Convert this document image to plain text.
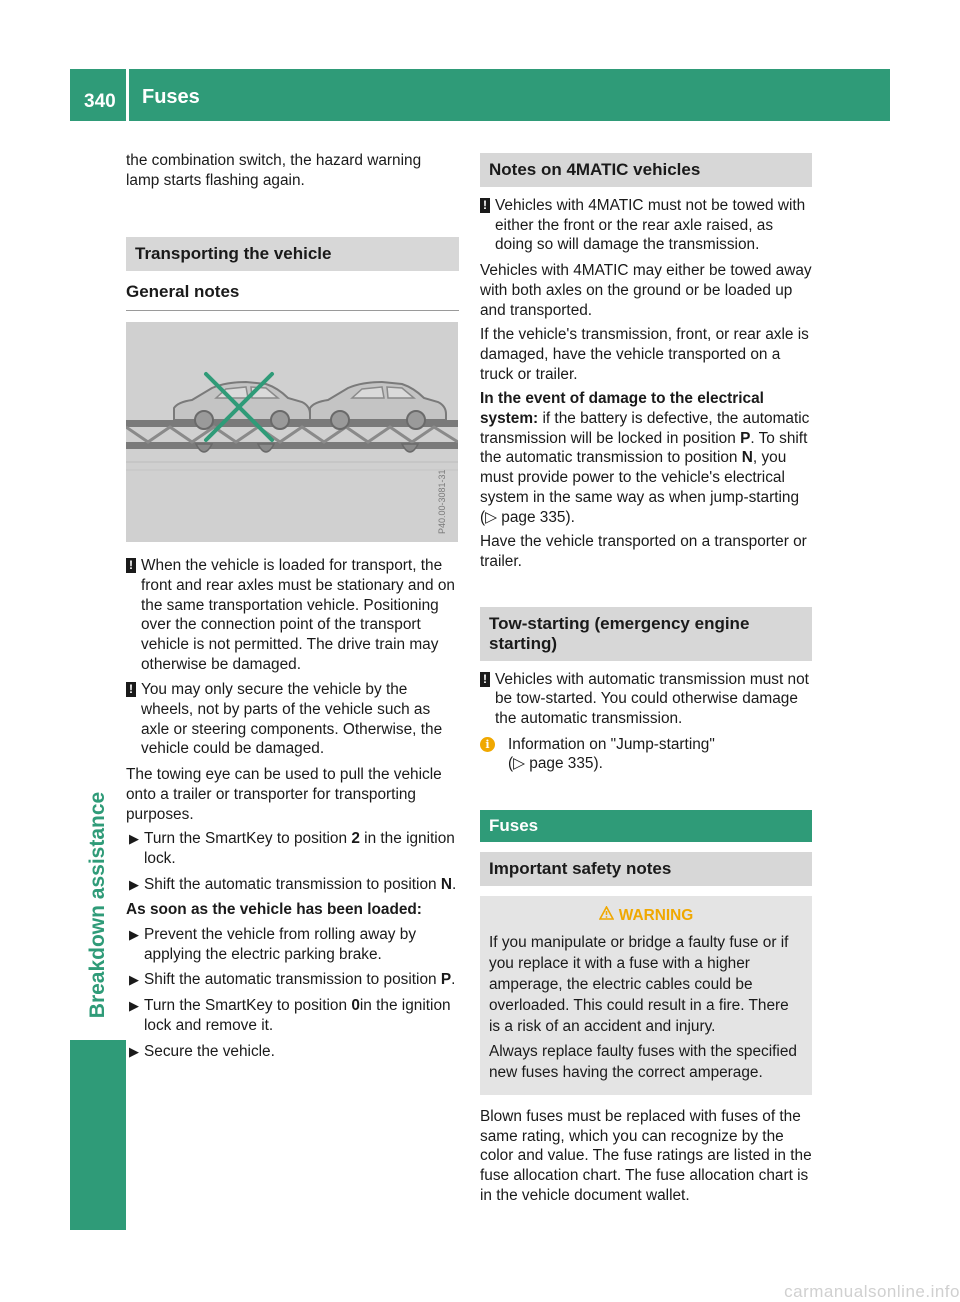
340 Fuses
Breakdown assistance

the combination switch, the hazard warning lamp starts flashing again.

Transporting the vehicle
General notes
P40.00-3081-31
! When the vehicle is loaded for transport, the front and rear axles must be stationary and on the same transportation vehicle. Positioning over the connection point of the transport vehicle is not permitted. The drive train may otherwise be damaged.
! You may only secure the vehicle by the wheels, not by parts of the vehicle such as axle or steering components. Otherwise, the vehicle could be damaged.

The towing eye can be used to pull the vehicle onto a trailer or transporter for transporting purposes.

▶ Turn the SmartKey to position 2 in the ignition lock.
▶ Shift the automatic transmission to position N.

As soon as the vehicle has been loaded:

▶ Prevent the vehicle from rolling away by applying the electric parking brake.
▶ Shift the automatic transmission to position P.
▶ Turn the SmartKey to position 0in the ignition lock and remove it.
▶ Secure the vehicle.
Notes on 4MATIC vehicles
! Vehicles with 4MATIC must not be towed with either the front or the rear axle raised, as doing so will damage the transmission.

Vehicles with 4MATIC may either be towed away with both axles on the ground or be loaded up and transported.

If the vehicle's transmission, front, or rear axle is damaged, have the vehicle transported on a truck or trailer.

In the event of damage to the electrical system: if the battery is defective, the automatic transmission will be locked in position P. To shift the automatic transmission to position N, you must provide power to the vehicle's electrical system in the same way as when jump-starting (▷ page 335).

Have the vehicle transported on a transporter or trailer.

Tow-starting (emergency engine starting)
! Vehicles with automatic transmission must not be tow-started. You could otherwise damage the automatic transmission.
i	Information on "Jump-starting"
(▷ page 335).
Fuses
Important safety notes
WARNING

If you manipulate or bridge a faulty fuse or if you replace it with a fuse with a higher amperage, the electric cables could be overloaded. This could result in a fire. There is a risk of an accident and injury.

Always replace faulty fuses with the specified new fuses having the correct amperage.

Blown fuses must be replaced with fuses of the same rating, which you can recognize by the color and value. The fuse ratings are listed in the fuse allocation chart. The fuse allocation chart is in the vehicle document wallet.

carmanualsonline.info
